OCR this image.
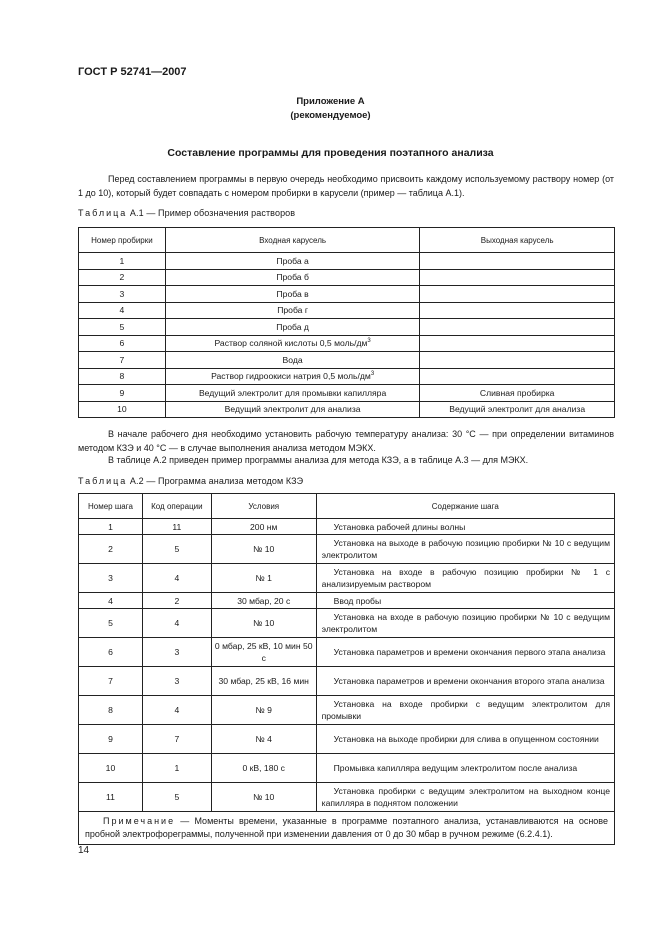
ГОСТ Р 52741—2007
Приложение А
(рекомендуемое)
Составление программы для проведения поэтапного анализа
Перед составлением программы в первую очередь необходимо присвоить каждому используемому раствору номер (от 1 до 10), который будет совпадать с номером пробирки в карусели (пример — таблица А.1).
Таблица А.1 — Пример обозначения растворов
Номер пробирки	Входная карусель	Выходная карусель
1	Проба а	
2	Проба б	
3	Проба в	
4	Проба г	
5	Проба д	
6	Раствор соляной кислоты 0,5 моль/$дм^3$	
7	Вода	
8	Раствор гидроокиси натрия 0,5 моль/$дм^3$	
9	Ведущий электролит для промывки капилляра	Сливная пробирка
10	Ведущий электролит для анализа	Ведущий электролит для анализа
В начале рабочего дня необходимо установить рабочую температуру анализа: 30 °С — при определении витаминов методом КЗЭ и 40 °С — в случае выполнения анализа методом МЭКХ.
В таблице А.2 приведен пример программы анализа для метода КЗЭ, а в таблице А.3 — для МЭКХ.
Таблица А.2 — Программа анализа методом КЗЭ
Номер шага	Код операции	Условия	Содержание шага
1	11	200 нм	Установка рабочей длины волны
2	5	№ 10	Установка на выходе в рабочую позицию пробирки № 10 с ведущим электролитом
3	4	№ 1	Установка на входе в рабочую позицию пробирки № 1 с анализируемым раствором
4	2	30 мбар, 20 с	Ввод пробы
5	4	№ 10	Установка на входе в рабочую позицию пробирки № 10 с ведущим электролитом
6	3	0 мбар, 25 кВ, 10 мин 50 с	Установка параметров и времени окончания первого этапа анализа
7	3	30 мбар, 25 кВ, 16 мин	Установка параметров и времени окончания второго этапа анализа
8	4	№ 9	Установка на входе пробирки с ведущим электролитом для промывки
9	7	№ 4	Установка на выходе пробирки для слива в опущенном состоянии
10	1	0 кВ, 180 с	Промывка капилляра ведущим электролитом после анализа
11	5	№ 10	Установка пробирки с ведущим электролитом на выходном конце капилляра в поднятом положении
Примечание — Моменты времени, указанные в программе поэтапного анализа, устанавливаются на основе пробной электрофореграммы, полученной при изменении давления от 0 до 30 мбар в ручном режиме (6.2.4.1).			
14
